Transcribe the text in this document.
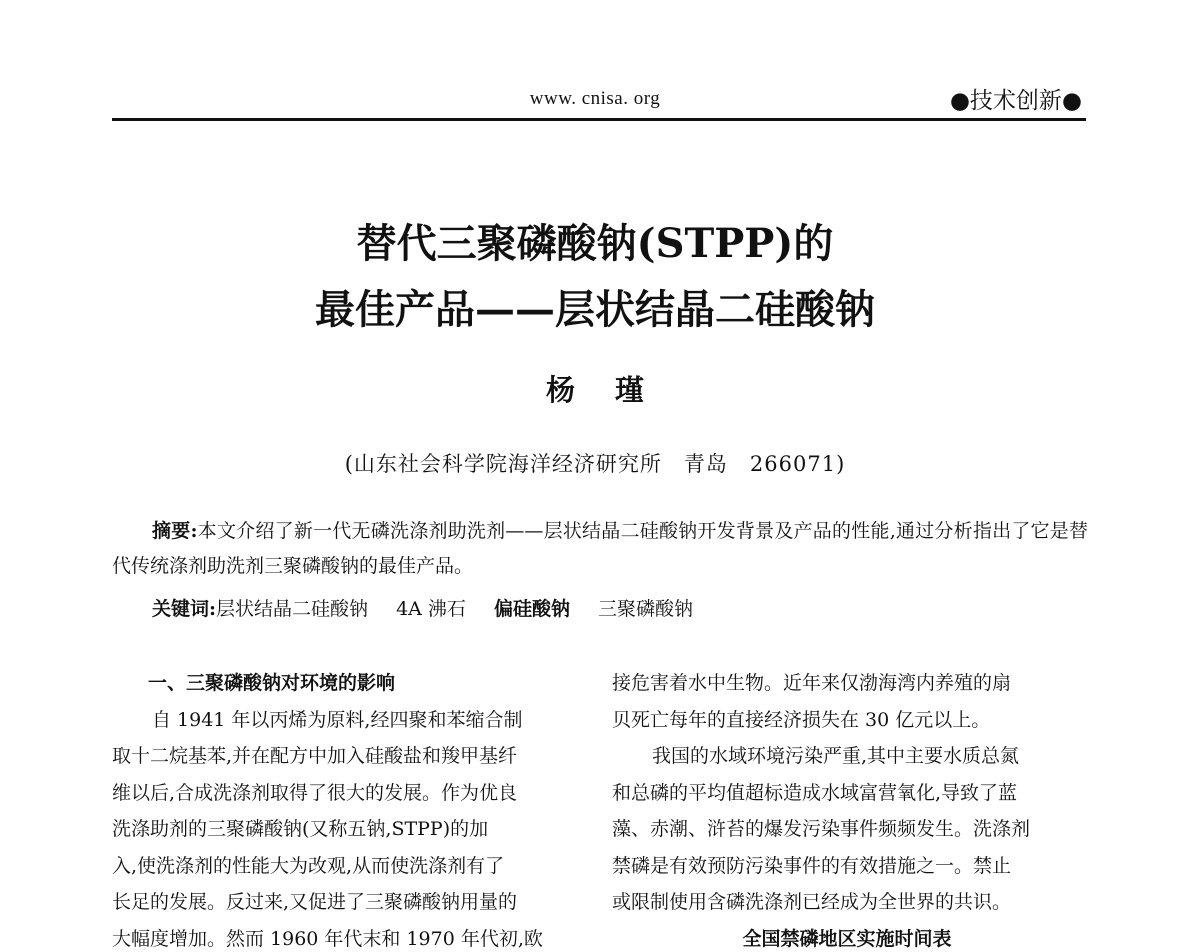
www. cnisa. org	●技术创新●
替代三聚磷酸钠(STPP)的
最佳产品——层状结晶二硅酸钠
杨瑾
(山东社会科学院海洋经济研究所　青岛　266071)
摘要:本文介绍了新一代无磷洗涤剂助洗剂——层状结晶二硅酸钠开发背景及产品的性能,通过分析指出了它是替代传统涤剂助洗剂三聚磷酸钠的最佳产品。
关键词:层状结晶二硅酸钠 4A 沸石 偏硅酸钠 三聚磷酸钠
一、三聚磷酸钠对环境的影响
自 1941 年以丙烯为原料,经四聚和苯缩合制
取十二烷基苯,并在配方中加入硅酸盐和羧甲基纤
维以后,合成洗涤剂取得了很大的发展。作为优良
洗涤助剂的三聚磷酸钠(又称五钠,STPP)的加
入,使洗涤剂的性能大为改观,从而使洗涤剂有了
长足的发展。反过来,又促进了三聚磷酸钠用量的
大幅度增加。然而 1960 年代末和 1970 年代初,欧
接危害着水中生物。近年来仅渤海湾内养殖的扇
贝死亡每年的直接经济损失在 30 亿元以上。
我国的水域环境污染严重,其中主要水质总氮
和总磷的平均值超标造成水域富营氧化,导致了蓝
藻、赤潮、浒苔的爆发污染事件频频发生。洗涤剂
禁磷是有效预防污染事件的有效措施之一。禁止
或限制使用含磷洗涤剂已经成为全世界的共识。
全国禁磷地区实施时间表
